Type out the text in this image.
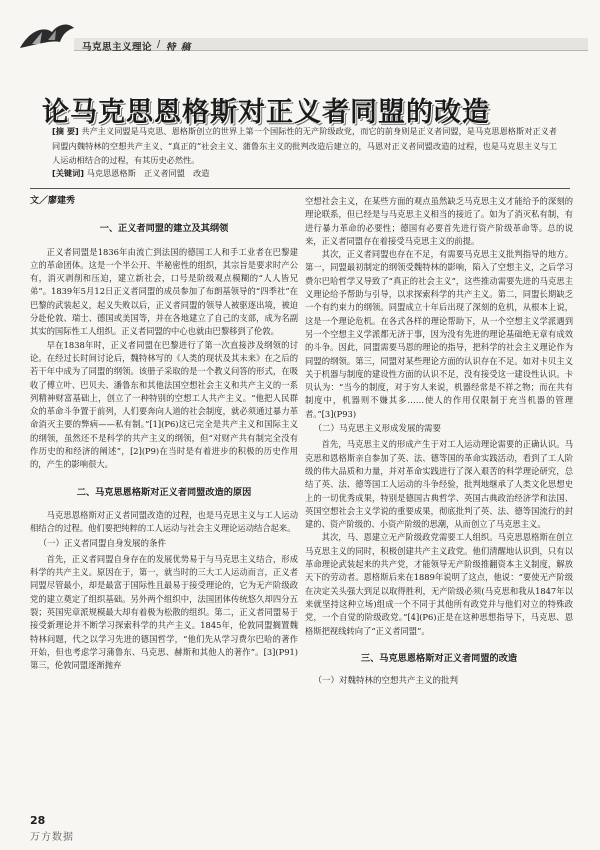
马克思主义理论 / 特 稿
论马克思恩格斯对正义者同盟的改造
[摘 要] 共产主义同盟是马克思、恩格斯创立的世界上第一个国际性的无产阶级政党，而它的前身则是正义者同盟，是马克思恩格斯对正义者同盟内魏特林的空想共产主义、“真正的”社会主义、蒲鲁东主义的批判改造后建立的，马恩对正义者同盟改造的过程，也是马克思主义与工人运动相结合的过程，有其历史必然性。
[关键词] 马克思恩格斯　正义者同盟　改造

文／廖建秀

一、正义者同盟的建立及其纲领

正义者同盟是1836年由流亡到法国的德国工人和手工业者在巴黎建立的革命团体。这是一个半公开、半秘密性的组织，其宗旨是要求时产公有，消灭剥削和压迫，建立新社会，口号是阶级观点模糊的“人人皆兄弟”。1839年5月12日正义者同盟的成员参加了布朗基领导的“四季社”在巴黎的武装起义，起义失败以后，正义者同盟的领导人被驱逐出境，被迫分赴伦敦、瑞士、德国或美国等，并在各地建立了自己的支部，成为名副其实的国际性工人组织。正义者同盟的中心也就由巴黎移到了伦敦。

早在1838年时，正义者同盟在巴黎进行了第一次直接涉及纲领的讨论。在经过长时间讨论后，魏特林写的《人类的现状及其未来》在之后的若干年中成为了同盟的纲领。该册子采取的是一个教义问答的形式，在吸收了傅立叶、巴贝夫、潘鲁东和其他法国空想社会主义和共产主义的一系列精神财富基础上，创立了一种特别的空想工人共产主义。“他把人民群众的革命斗争置于前列，人们要奔向人道的社会制度，就必须通过暴力革命消灭主要的弊病——私有制。”[1](P6)这已完全是共产主义和国际主义的纲领，虽然还不是科学的共产主义的纲领，但“对财产共有制完全没有作历史的和经济的阐述”，[2](P9)在当时是有着进步的积极的历史作用的，产生的影响很大。

二、马克思恩格斯对正义者同盟改造的原因

马克思恩格斯对正义者同盟改造的过程，也是马克思主义与工人运动相结合的过程。他们要把纯粹的工人运动与社会主义理论运动结合起来。

（一）正义者同盟自身发展的条件

首先，正义者同盟自身存在的发展优势易于与马克思主义结合，形成科学的共产主义。原因在于，第一，就当时的三大工人运动而言，正义者同盟尽管最小，却是最富于国际性且最易于接受理论的，它为无产阶级政党的建立奠定了组织基础。另外两个组织中，法国团体传统悠久却四分五裂；英国宪章派规模最大却有着极为松散的组织。第二，正义者同盟易于接受新理论并不断学习探索科学的共产主义。1845年，伦敦同盟搁置魏特林问题，代之以学习先进的德国哲学，“他们先从学习费尔巴哈的著作开始，但也考虑学习蒲鲁东、马克思、赫斯和其他人的著作”。[3](P91)第三，伦敦同盟逐渐抛弃

空想社会主义，在某些方面的观点虽然缺乏马克思主义才能给予的深刻的理论联系，但已经是与马克思主义相当的接近了。如为了消灭私有制，有进行暴力革命的必要性；德国有必要首先进行资产阶级革命等。总的说来，正义者同盟存在着接受马克思主义的前提。

其次，正义者同盟也存在不足，有需要马克思主义批判指导的地方。第一，同盟最初制定的纲领受魏特林的影响，陷入了空想主义，之后学习费尔巴哈哲学又导致了“真正的社会主义”，这些推动需要先进的马克思主义理论给予帮助与引导，以求探索科学的共产主义。第二，同盟长期缺乏一个有约束力的纲领。同盟成立十年后出现了深刻的危机，从根本上说，这是一个理论危机。在各式各样的理论帮助下，从一个空想主义学派遇到另一个空想主义学派都无济于事，因为没有先进的理论基础绝无章有成效的斗争。因此，同盟需要马恩的理论的指导，把科学的社会主义理论作为同盟的纲领。第三，同盟对某些理论方面的认识存在不足。如对卡贝主义关于机器与制度的建设性方面的认识不足，没有接受这一建设性认识。卡贝认为：“当今的制度，对于穷人来说，机器经常是不祥之物；而在共有制度中，机器则不嫌其多……使人的作用仅限制于充当机器的管理者。”[3](P93)

（二）马克思主义形成发展的需要

首先，马克思主义的形成产生于对工人运动理论需要的正确认识。马克思和恩格斯亲自参加了英、法、德等国的革命实践活动，看到了工人阶级的伟大品质和力量，并对革命实践进行了深入艰苦的科学理论研究，总结了英、法、德等国工人运动的斗争经验，批判地继承了人类文化思想史上的一切优秀成果，特别是德国古典哲学、英国古典政治经济学和法国、英国空想社会主义学说的重要成果，彻底批判了英、法、德等国流行的封建的、资产阶级的、小资产阶级的思潮，从而创立了马克思主义。

其次，马、恩建立无产阶级政党需要工人组织。马克思恩格斯在创立马克思主义的同时，积极创建共产主义政党。他们清醒地认识到，只有以革命理论武装起来的共产党，才能领导无产阶级推翻资本主义制度，解放天下的劳动者。恩格斯后来在1889年说明了这点，他说：“要使无产阶级在决定关头强大到足以取得胜利，无产阶级必须(马克思和我从1847年以来就坚持这种立场)组成一个不同于其他所有政党并与他们对立的特殊政党，一个自觉的阶级政党。”[4](P6)正是在这种思想指导下，马克思、恩格斯把视线转向了“正义者同盟”。

三、马克思恩格斯对正义者同盟的改造
（一）对魏特林的空想共产主义的批判
28
万方数据
